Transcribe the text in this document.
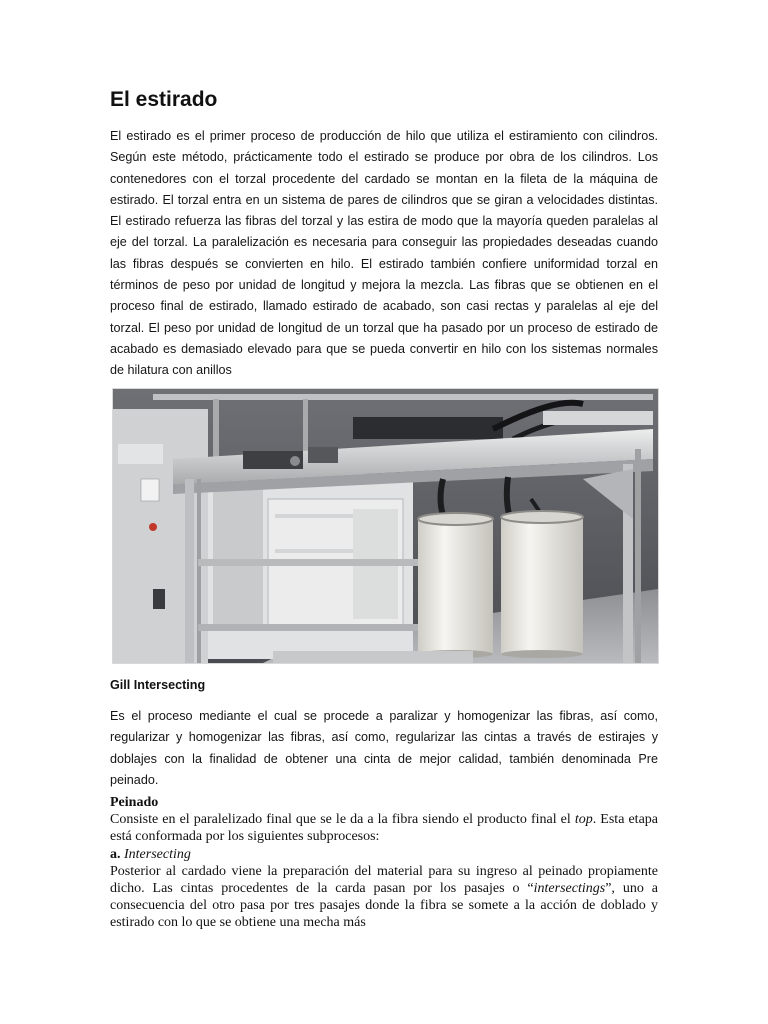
El estirado

El estirado es el primer proceso de producción de hilo que utiliza el estiramiento con cilindros. Según este método, prácticamente todo el estirado se produce por obra de los cilindros. Los contenedores con el torzal procedente del cardado se montan en la fileta de la máquina de estirado. El torzal entra en un sistema de pares de cilindros que se giran a velocidades distintas. El estirado refuerza las fibras del torzal y las estira de modo que la mayoría queden paralelas al eje del torzal. La paralelización es necesaria para conseguir las propiedades deseadas cuando las fibras después se convierten en hilo. El estirado también confiere uniformidad torzal en términos de peso por unidad de longitud y mejora la mezcla. Las fibras que se obtienen en el proceso final de estirado, llamado estirado de acabado, son casi rectas y paralelas al eje del torzal. El peso por unidad de longitud de un torzal que ha pasado por un proceso de estirado de acabado es demasiado elevado para que se pueda convertir en hilo con los sistemas normales de hilatura con anillos

Gill Intersecting

Es el proceso mediante el cual se procede a paralizar y homogenizar las fibras, así como, regularizar y homogenizar las fibras, así como, regularizar las cintas a través de estirajes y doblajes con la finalidad de obtener una cinta de mejor calidad, también denominada Pre peinado.

Peinado

Consiste en el paralelizado final que se le da a la fibra siendo el producto final el top. Esta etapa está conformada por los siguientes subprocesos:

a. Intersecting

Posterior al cardado viene la preparación del material para su ingreso al peinado propiamente dicho. Las cintas procedentes de la carda pasan por los pasajes o “intersectings”, uno a consecuencia del otro pasa por tres pasajes donde la fibra se somete a la acción de doblado y estirado con lo que se obtiene una mecha más
